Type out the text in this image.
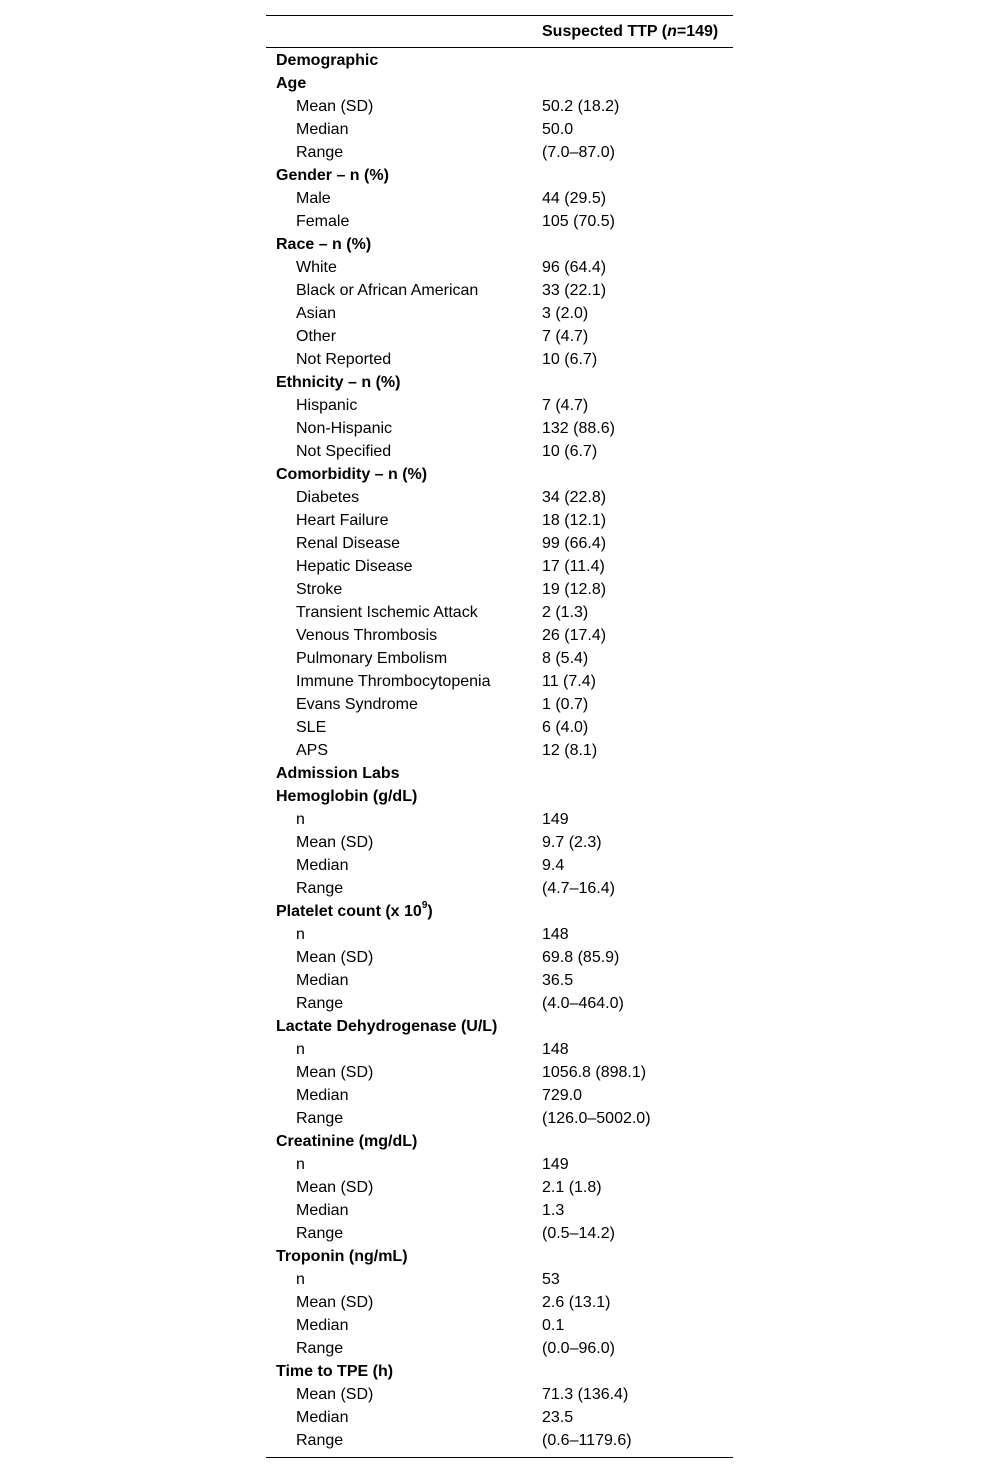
Suspected TTP (n=149)
Demographic
Age
Mean (SD)	50.2 (18.2)
Median	50.0
Range	(7.0–87.0)
Gender – n (%)
Male	44 (29.5)
Female	105 (70.5)
Race – n (%)
White	96 (64.4)
Black or African American	33 (22.1)
Asian	3 (2.0)
Other	7 (4.7)
Not Reported	10 (6.7)
Ethnicity – n (%)
Hispanic	7 (4.7)
Non-Hispanic	132 (88.6)
Not Specified	10 (6.7)
Comorbidity – n (%)
Diabetes	34 (22.8)
Heart Failure	18 (12.1)
Renal Disease	99 (66.4)
Hepatic Disease	17 (11.4)
Stroke	19 (12.8)
Transient Ischemic Attack	2 (1.3)
Venous Thrombosis	26 (17.4)
Pulmonary Embolism	8 (5.4)
Immune Thrombocytopenia	11 (7.4)
Evans Syndrome	1 (0.7)
SLE	6 (4.0)
APS	12 (8.1)
Admission Labs
Hemoglobin (g/dL)
n	149
Mean (SD)	9.7 (2.3)
Median	9.4
Range	(4.7–16.4)
Platelet count (x $10^9$)
n	148
Mean (SD)	69.8 (85.9)
Median	36.5
Range	(4.0–464.0)
Lactate Dehydrogenase (U/L)
n	148
Mean (SD)	1056.8 (898.1)
Median	729.0
Range	(126.0–5002.0)
Creatinine (mg/dL)
n	149
Mean (SD)	2.1 (1.8)
Median	1.3
Range	(0.5–14.2)
Troponin (ng/mL)
n	53
Mean (SD)	2.6 (13.1)
Median	0.1
Range	(0.0–96.0)
Time to TPE (h)
Mean (SD)	71.3 (136.4)
Median	23.5
Range	(0.6–1179.6)
